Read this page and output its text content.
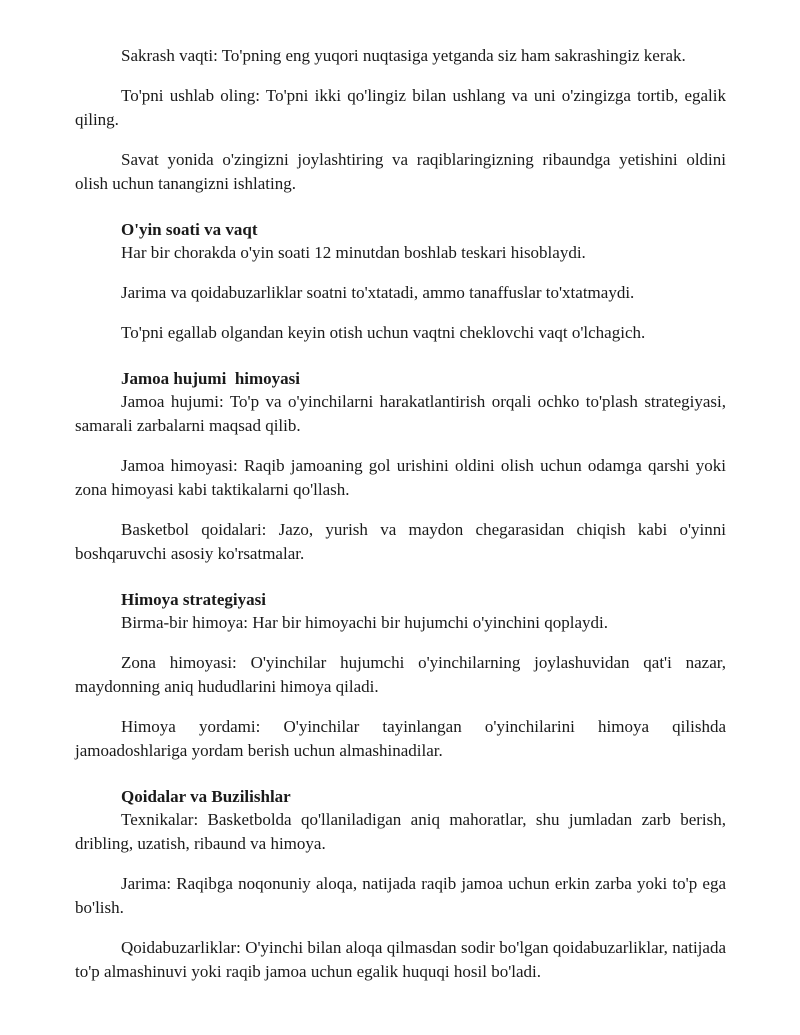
Sakrash vaqti: To'pning eng yuqori nuqtasiga yetganda siz ham sakrashingiz kerak.

To'pni ushlab oling: To'pni ikki qo'lingiz bilan ushlang va uni o'zingizga tortib, egalik qiling.

Savat yonida o'zingizni joylashtiring va raqiblaringizning ribaundga yetishini oldini olish uchun tanangizni ishlating.

O'yin soati va vaqt

Har bir chorakda o'yin soati 12 minutdan boshlab teskari hisoblaydi.

Jarima va qoidabuzarliklar soatni to'xtatadi, ammo tanaffuslar to'xtatmaydi.

To'pni egallab olgandan keyin otish uchun vaqtni cheklovchi vaqt o'lchagich.

Jamoa hujumi  himoyasi

Jamoa hujumi: To'p va o'yinchilarni harakatlantirish orqali ochko to'plash strategiyasi, samarali zarbalarni maqsad qilib.

Jamoa himoyasi: Raqib jamoaning gol urishini oldini olish uchun odamga qarshi yoki zona himoyasi kabi taktikalarni qo'llash.

Basketbol qoidalari: Jazo, yurish va maydon chegarasidan chiqish kabi o'yinni boshqaruvchi asosiy ko'rsatmalar.

Himoya strategiyasi

Birma-bir himoya: Har bir himoyachi bir hujumchi o'yinchini qoplaydi.

Zona himoyasi: O'yinchilar hujumchi o'yinchilarning joylashuvidan qat'i nazar, maydonning aniq hududlarini himoya qiladi.

Himoya yordami: O'yinchilar tayinlangan o'yinchilarini himoya qilishda jamoadoshlariga yordam berish uchun almashinadilar.

Qoidalar va Buzilishlar

Texnikalar: Basketbolda qo'llaniladigan aniq mahoratlar, shu jumladan zarb berish, dribling, uzatish, ribaund va himoya.

Jarima: Raqibga noqonuniy aloqa, natijada raqib jamoa uchun erkin zarba yoki to'p ega bo'lish.

Qoidabuzarliklar: O'yinchi bilan aloqa qilmasdan sodir bo'lgan qoidabuzarliklar, natijada to'p almashinuvi yoki raqib jamoa uchun egalik huquqi hosil bo'ladi.
